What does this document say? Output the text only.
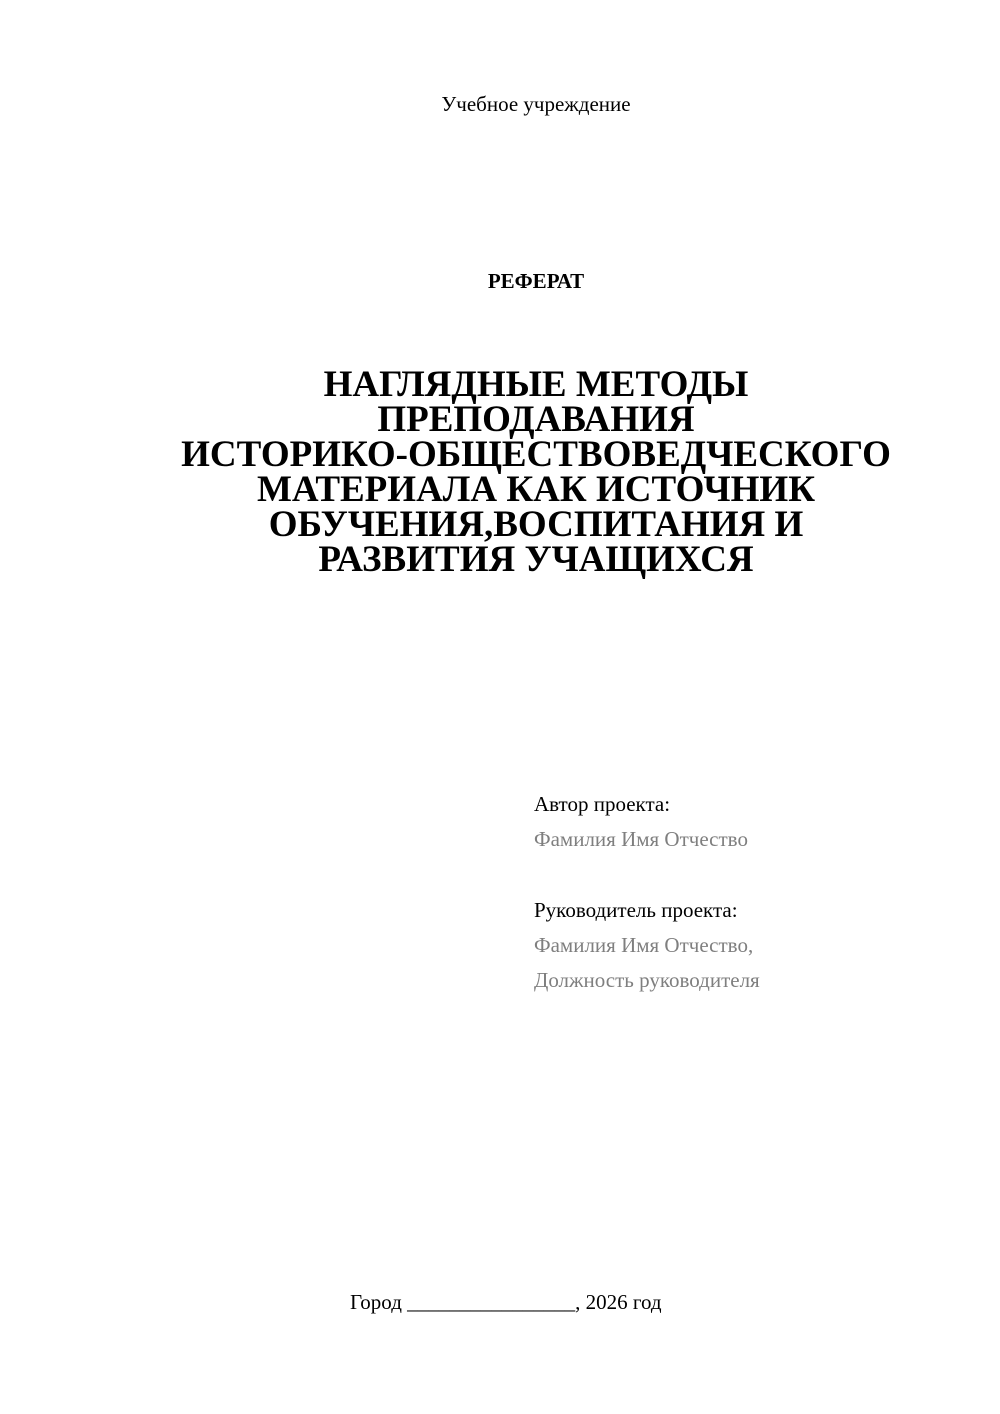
Учебное учреждение
РЕФЕРАТ
НАГЛЯДНЫЕ МЕТОДЫ
ПРЕПОДАВАНИЯ
ИСТОРИКО-ОБЩЕСТВОВЕДЧЕСКОГО
МАТЕРИАЛА КАК ИСТОЧНИК
ОБУЧЕНИЯ,ВОСПИТАНИЯ И
РАЗВИТИЯ УЧАЩИХСЯ
Автор проекта:
Фамилия Имя Отчество
Руководитель проекта:
Фамилия Имя Отчество,
Должность руководителя
Город ________________, 2026 год
